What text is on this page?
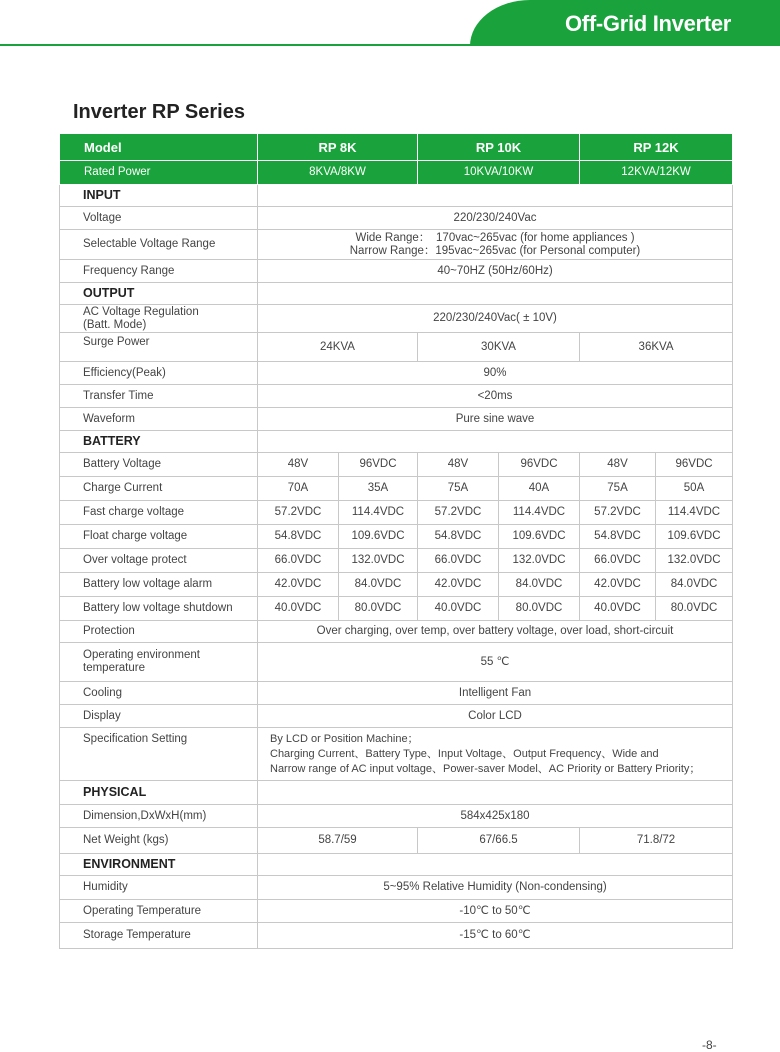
Off-Grid Inverter
Inverter RP Series
Model	RP 8K		RP 10K		RP 12K	
Rated Power	8KVA/8KW		10KVA/10KW		12KVA/12KW	
INPUT						
Voltage	220/230/240Vac					
Selectable Voltage Range	Wide Range：　170vac~265vac (for home appliances )
Narrow Range：195vac~265vac (for Personal computer)					

Frequency Range	40~70HZ (50Hz/60Hz)					
OUTPUT						

AC Voltage Regulation
(Batt. Mode)	220/230/240Vac( ± 10V)					
Surge Power	24KVA		30KVA		36KVA	
Efficiency(Peak)	90%					
Transfer Time	<20ms					
Waveform	Pure sine wave					
BATTERY						
Battery Voltage	48V	96VDC	48V	96VDC	48V	96VDC
Charge Current	70A	35A	75A	40A	75A	50A
Fast charge voltage	57.2VDC	114.4VDC	57.2VDC	114.4VDC	57.2VDC	114.4VDC
Float charge voltage	54.8VDC	109.6VDC	54.8VDC	109.6VDC	54.8VDC	109.6VDC
Over voltage protect	66.0VDC	132.0VDC	66.0VDC	132.0VDC	66.0VDC	132.0VDC
Battery low voltage alarm	42.0VDC	84.0VDC	42.0VDC	84.0VDC	42.0VDC	84.0VDC
Battery low voltage shutdown	40.0VDC	80.0VDC	40.0VDC	80.0VDC	40.0VDC	80.0VDC
Protection	Over charging, over temp, over battery voltage, over load, short-circuit					

Operating environment
temperature	55 ℃					
Cooling	Intelligent Fan					
Display	Color LCD					
Specification Setting	By LCD or Position Machine；
Charging Current、Battery Type、Input Voltage、Output Frequency、Wide and
Narrow range of AC input voltage、Power-saver Model、AC Priority or Battery Priority；					

PHYSICAL						
Dimension,DxWxH(mm)	584x425x180					
Net Weight (kgs)	58.7/59		67/66.5		71.8/72	
ENVIRONMENT						
Humidity	5~95% Relative Humidity (Non-condensing)					
Operating Temperature	-10℃ to 50℃					
Storage Temperature	-15℃ to 60℃					
-8-
